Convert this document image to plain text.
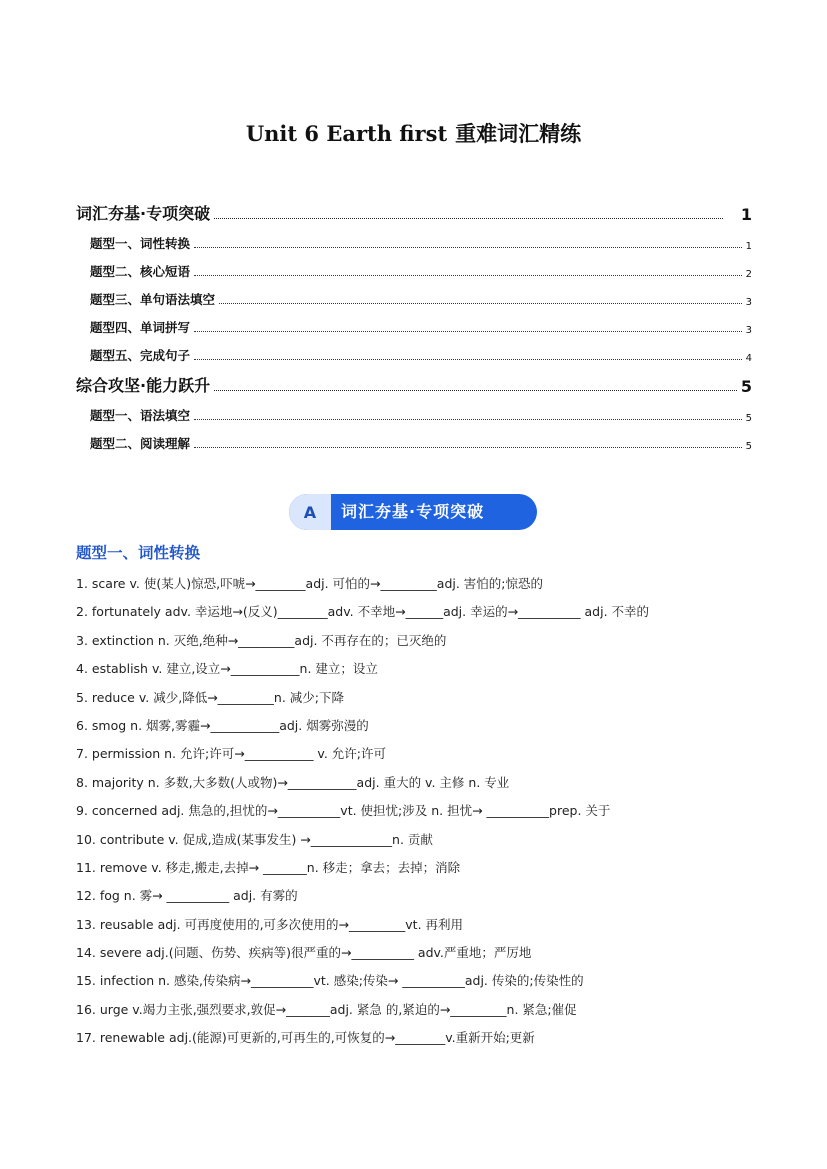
Unit 6 Earth first 重难词汇精练
词汇夯基·专项突破	1
题型一、词性转换	1
题型二、核心短语	2
题型三、单句语法填空	3
题型四、单词拼写	3
题型五、完成句子	4
综合攻坚·能力跃升	5
题型一、语法填空	5
题型二、阅读理解	5
A	词汇夯基·专项突破
题型一、词性转换
1. scare v. 使(某人)惊恐,吓唬→________adj. 可怕的→_________adj. 害怕的;惊恐的
2. fortunately adv. 幸运地→(反义)________adv. 不幸地→______adj. 幸运的→__________ adj. 不幸的
3. extinction n. 灭绝,绝种→_________adj. 不再存在的；已灭绝的
4. establish v. 建立,设立→___________n. 建立；设立
5. reduce v. 减少,降低→_________n. 减少;下降
6. smog n. 烟雾,雾霾→___________adj. 烟雾弥漫的
7. permission n. 允许;许可→___________ v. 允许;许可
8. majority n. 多数,大多数(人或物)→___________adj. 重大的 v. 主修 n. 专业
9. concerned adj. 焦急的,担忧的→__________vt. 使担忧;涉及 n. 担忧→ __________prep. 关于
10. contribute v. 促成,造成(某事发生) →_____________n. 贡献
11. remove v. 移走,搬走,去掉→ _______n. 移走；拿去；去掉；消除
12. fog n. 雾→ __________ adj. 有雾的
13. reusable adj. 可再度使用的,可多次使用的→_________vt. 再利用
14. severe adj.(问题、伤势、疾病等)很严重的→__________ adv.严重地；严厉地
15. infection n. 感染,传染病→__________vt. 感染;传染→ __________adj. 传染的;传染性的
16. urge v.竭力主张,强烈要求,敦促→_______adj. 紧急 的,紧迫的→_________n. 紧急;催促
17. renewable adj.(能源)可更新的,可再生的,可恢复的→________v.重新开始;更新
